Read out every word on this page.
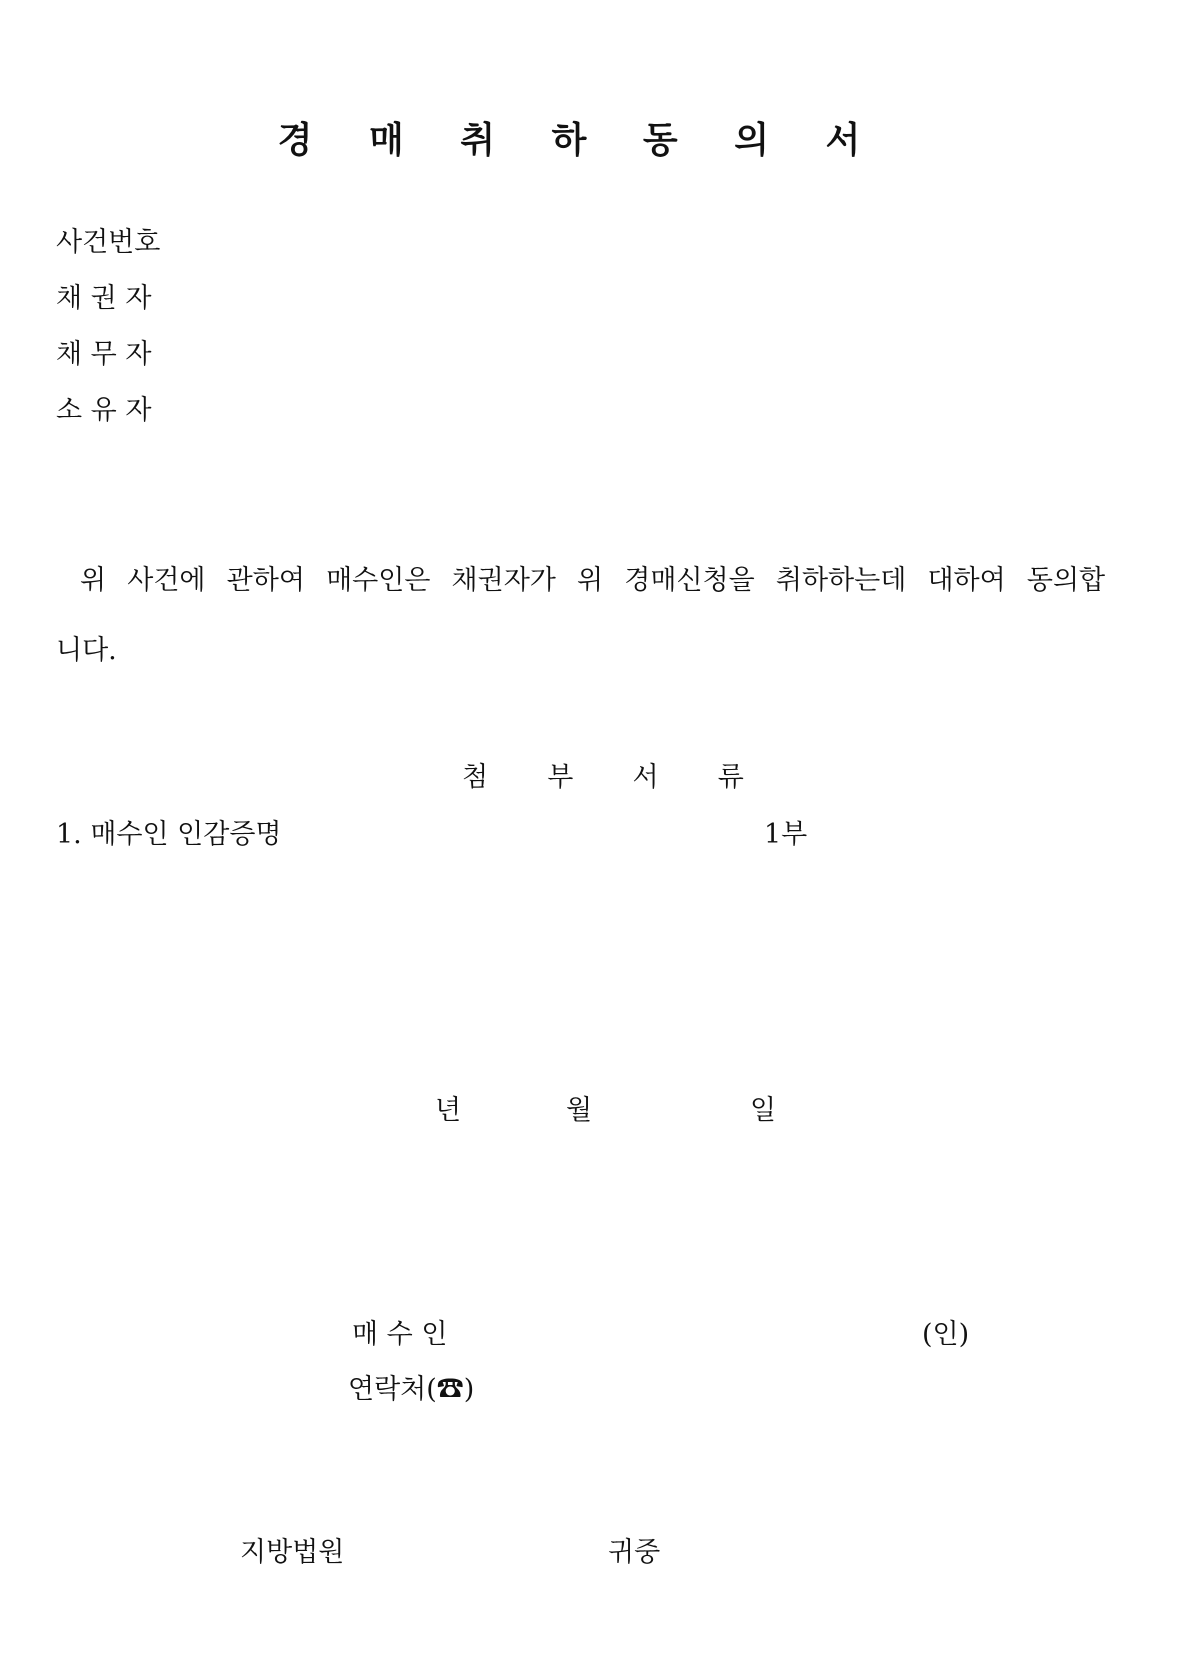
경 매 취 하 동 의 서
사건번호
채 권 자
채 무 자
소 유 자
위  사건에  관하여  매수인은  채권자가  위  경매신청을  취하하는데  대하여  동의합
니다.
첨  부  서  류
1. 매수인 인감증명	1부
년	월	일
매 수 인	(인)
연락처(☎)
지방법원	귀중
